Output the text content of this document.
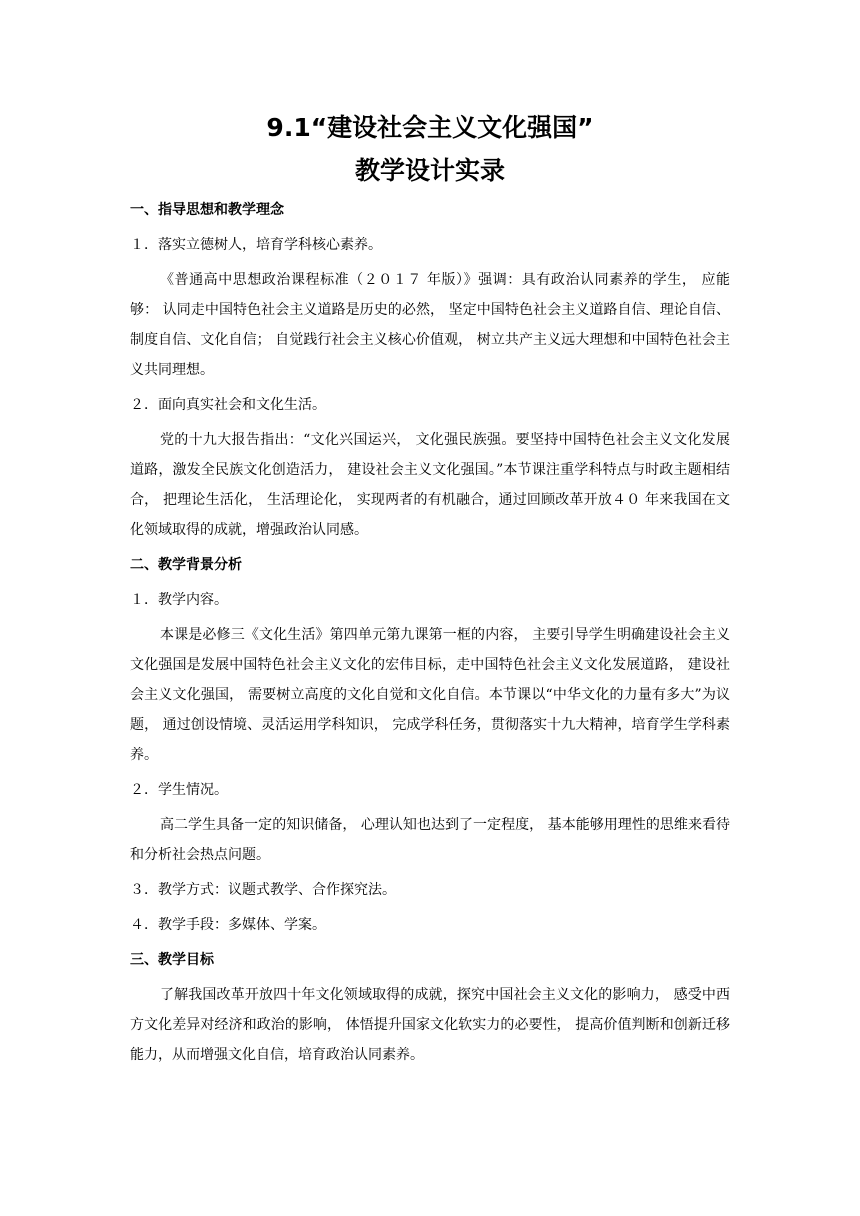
9.1“建设社会主义文化强国”
教学设计实录
一、指导思想和教学理念
１．落实立德树人，培育学科核心素养。
《普通高中思想政治课程标准（２０１７ 年版）》强调：具有政治认同素养的学生， 应能够： 认同走中国特色社会主义道路是历史的必然， 坚定中国特色社会主义道路自信、理论自信、制度自信、文化自信； 自觉践行社会主义核心价值观， 树立共产主义远大理想和中国特色社会主义共同理想。
２．面向真实社会和文化生活。
党的十九大报告指出：“文化兴国运兴， 文化强民族强。要坚持中国特色社会主义文化发展道路，激发全民族文化创造活力， 建设社会主义文化强国。”本节课注重学科特点与时政主题相结合， 把理论生活化， 生活理论化， 实现两者的有机融合，通过回顾改革开放４０ 年来我国在文化领域取得的成就，增强政治认同感。
二、教学背景分析
１．教学内容。
本课是必修三《文化生活》第四单元第九课第一框的内容， 主要引导学生明确建设社会主义文化强国是发展中国特色社会主义文化的宏伟目标，走中国特色社会主义文化发展道路， 建设社会主义文化强国， 需要树立高度的文化自觉和文化自信。本节课以“中华文化的力量有多大”为议题， 通过创设情境、灵活运用学科知识， 完成学科任务，贯彻落实十九大精神，培育学生学科素养。
２．学生情况。
高二学生具备一定的知识储备， 心理认知也达到了一定程度， 基本能够用理性的思维来看待和分析社会热点问题。
３．教学方式：议题式教学、合作探究法。
４．教学手段：多媒体、学案。
三、教学目标
了解我国改革开放四十年文化领域取得的成就，探究中国社会主义文化的影响力， 感受中西方文化差异对经济和政治的影响， 体悟提升国家文化软实力的必要性， 提高价值判断和创新迁移能力，从而增强文化自信，培育政治认同素养。
